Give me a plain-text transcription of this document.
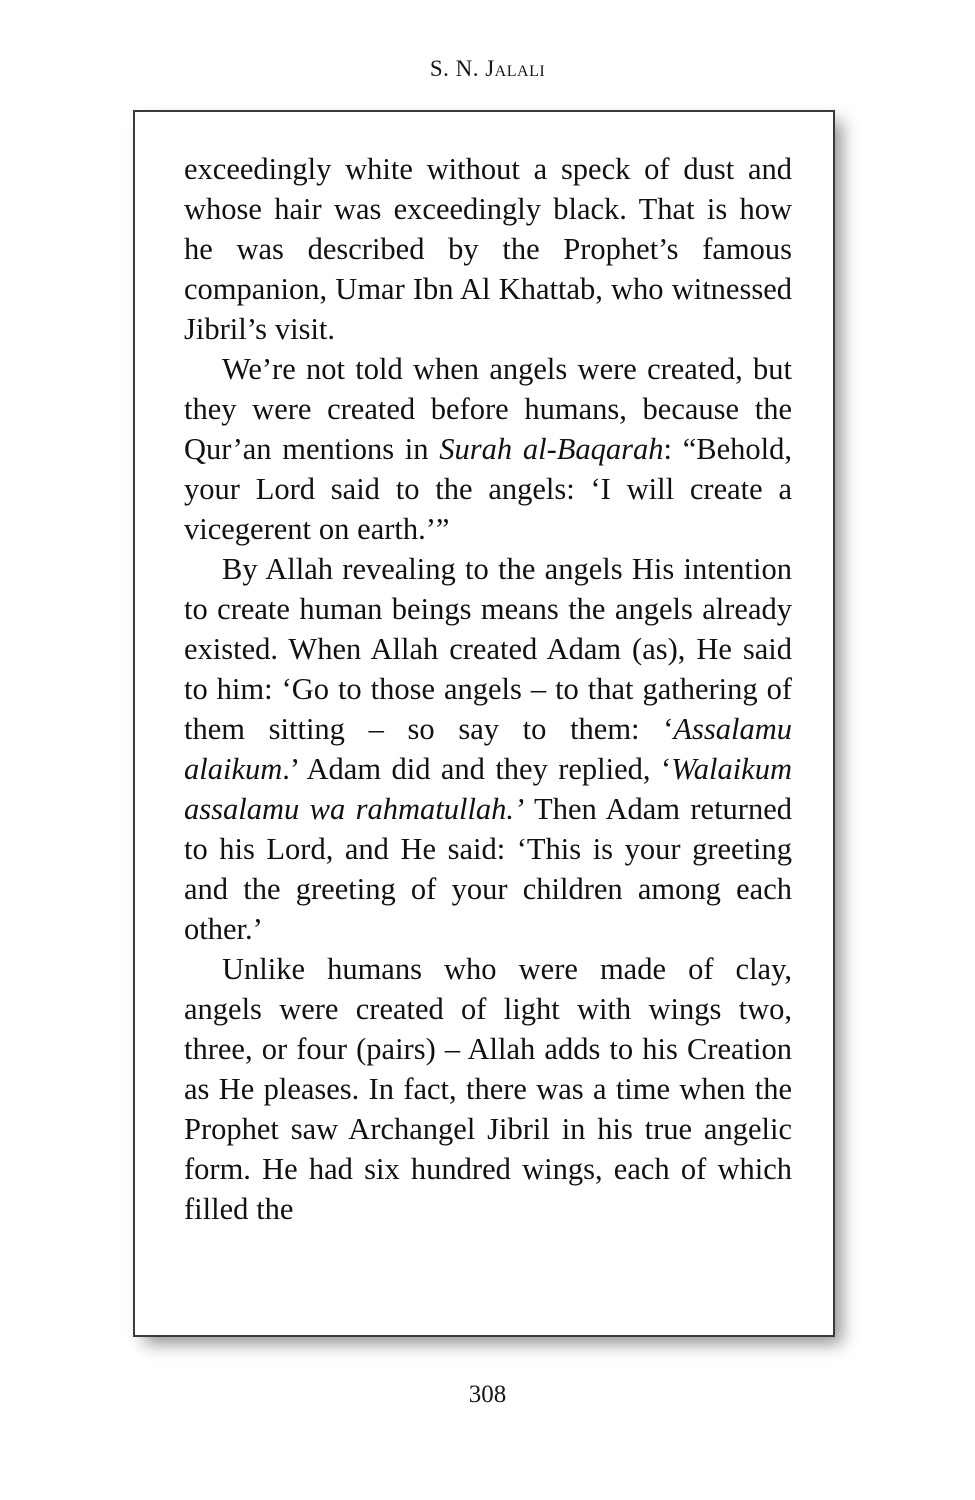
S. N. Jalali

exceedingly white without a speck of dust and whose hair was exceedingly black. That is how he was described by the Prophet’s famous companion, Umar Ibn Al Khattab, who witnessed Jibril’s visit.

We’re not told when angels were created, but they were created before humans, because the Qur’an mentions in Surah al-Baqarah: “Behold, your Lord said to the angels: ‘I will create a vicegerent on earth.’”

By Allah revealing to the angels His intention to create human beings means the angels already existed. When Allah created Adam (as), He said to him: ‘Go to those angels – to that gathering of them sitting – so say to them: ‘Assalamu alaikum.’ Adam did and they replied, ‘Walaikum assalamu wa rahmatullah.’ Then Adam returned to his Lord, and He said: ‘This is your greeting and the greeting of your children among each other.’

Unlike humans who were made of clay, angels were created of light with wings two, three, or four (pairs) – Allah adds to his Creation as He pleases. In fact, there was a time when the Prophet saw Archangel Jibril in his true angelic form. He had six hundred wings, each of which filled the

308
